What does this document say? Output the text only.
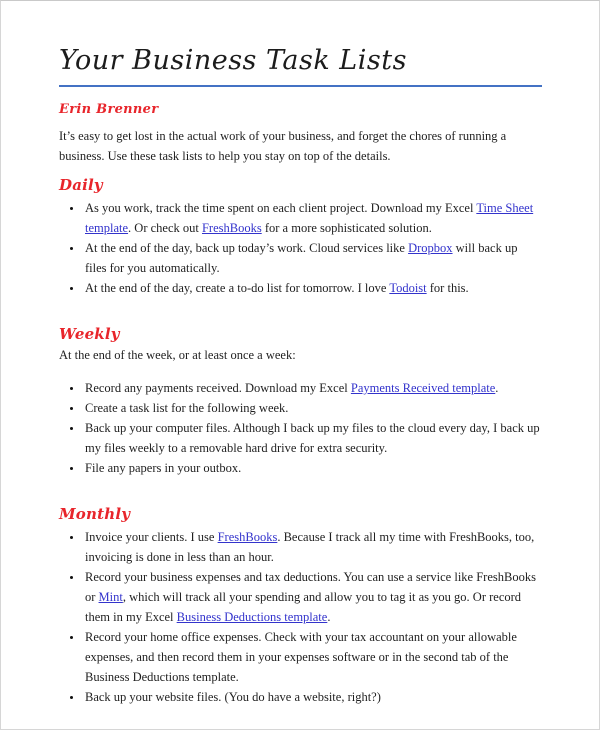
Your Business Task Lists
Erin Brenner

It’s easy to get lost in the actual work of your business, and forget the chores of running a business. Use these task lists to help you stay on top of the details.

Daily
• As you work, track the time spent on each client project. Download my Excel Time Sheet template. Or check out FreshBooks for a more sophisticated solution.
• At the end of the day, back up today’s work. Cloud services like Dropbox will back up files for you automatically.
• At the end of the day, create a to-do list for tomorrow. I love Todoist for this.
Weekly

At the end of the week, or at least once a week:

• Record any payments received. Download my Excel Payments Received template.
• Create a task list for the following week.
• Back up your computer files. Although I back up my files to the cloud every day, I back up my files weekly to a removable hard drive for extra security.
• File any papers in your outbox.
Monthly
• Invoice your clients. I use FreshBooks. Because I track all my time with FreshBooks, too, invoicing is done in less than an hour.
• Record your business expenses and tax deductions. You can use a service like FreshBooks or Mint, which will track all your spending and allow you to tag it as you go. Or record them in my Excel Business Deductions template.
• Record your home office expenses. Check with your tax accountant on your allowable expenses, and then record them in your expenses software or in the second tab of the Business Deductions template.
• Back up your website files. (You do have a website, right?)
